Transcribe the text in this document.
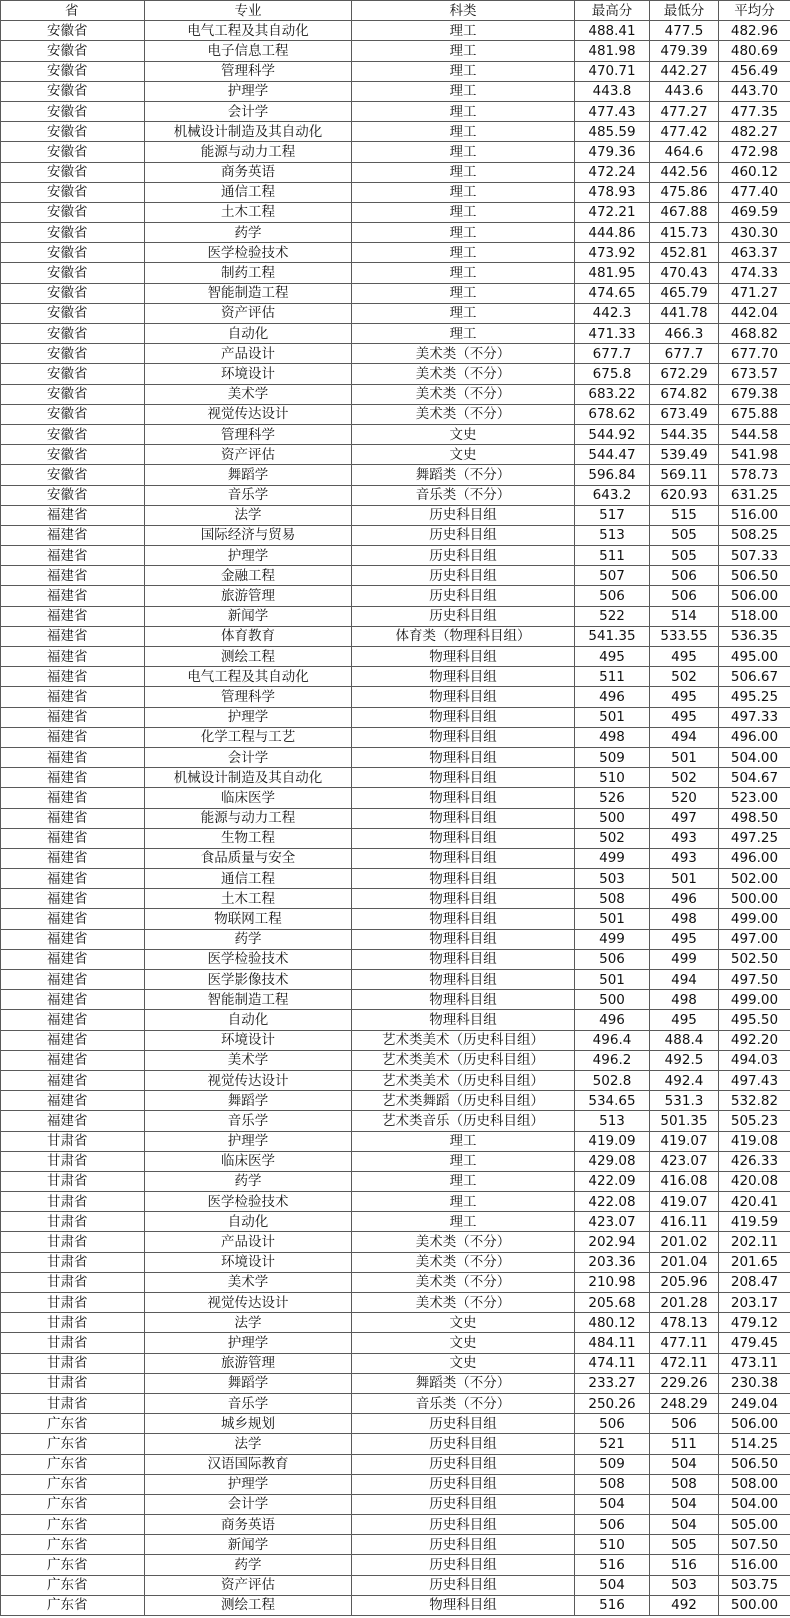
省	专业	科类	最高分	最低分	平均分
安徽省	电气工程及其自动化	理工	488.41	477.5	482.96
安徽省	电子信息工程	理工	481.98	479.39	480.69
安徽省	管理科学	理工	470.71	442.27	456.49
安徽省	护理学	理工	443.8	443.6	443.70
安徽省	会计学	理工	477.43	477.27	477.35
安徽省	机械设计制造及其自动化	理工	485.59	477.42	482.27
安徽省	能源与动力工程	理工	479.36	464.6	472.98
安徽省	商务英语	理工	472.24	442.56	460.12
安徽省	通信工程	理工	478.93	475.86	477.40
安徽省	土木工程	理工	472.21	467.88	469.59
安徽省	药学	理工	444.86	415.73	430.30
安徽省	医学检验技术	理工	473.92	452.81	463.37
安徽省	制药工程	理工	481.95	470.43	474.33
安徽省	智能制造工程	理工	474.65	465.79	471.27
安徽省	资产评估	理工	442.3	441.78	442.04
安徽省	自动化	理工	471.33	466.3	468.82
安徽省	产品设计	美术类（不分）	677.7	677.7	677.70
安徽省	环境设计	美术类（不分）	675.8	672.29	673.57
安徽省	美术学	美术类（不分）	683.22	674.82	679.38
安徽省	视觉传达设计	美术类（不分）	678.62	673.49	675.88
安徽省	管理科学	文史	544.92	544.35	544.58
安徽省	资产评估	文史	544.47	539.49	541.98
安徽省	舞蹈学	舞蹈类（不分）	596.84	569.11	578.73
安徽省	音乐学	音乐类（不分）	643.2	620.93	631.25
福建省	法学	历史科目组	517	515	516.00
福建省	国际经济与贸易	历史科目组	513	505	508.25
福建省	护理学	历史科目组	511	505	507.33
福建省	金融工程	历史科目组	507	506	506.50
福建省	旅游管理	历史科目组	506	506	506.00
福建省	新闻学	历史科目组	522	514	518.00
福建省	体育教育	体育类（物理科目组）	541.35	533.55	536.35
福建省	测绘工程	物理科目组	495	495	495.00
福建省	电气工程及其自动化	物理科目组	511	502	506.67
福建省	管理科学	物理科目组	496	495	495.25
福建省	护理学	物理科目组	501	495	497.33
福建省	化学工程与工艺	物理科目组	498	494	496.00
福建省	会计学	物理科目组	509	501	504.00
福建省	机械设计制造及其自动化	物理科目组	510	502	504.67
福建省	临床医学	物理科目组	526	520	523.00
福建省	能源与动力工程	物理科目组	500	497	498.50
福建省	生物工程	物理科目组	502	493	497.25
福建省	食品质量与安全	物理科目组	499	493	496.00
福建省	通信工程	物理科目组	503	501	502.00
福建省	土木工程	物理科目组	508	496	500.00
福建省	物联网工程	物理科目组	501	498	499.00
福建省	药学	物理科目组	499	495	497.00
福建省	医学检验技术	物理科目组	506	499	502.50
福建省	医学影像技术	物理科目组	501	494	497.50
福建省	智能制造工程	物理科目组	500	498	499.00
福建省	自动化	物理科目组	496	495	495.50
福建省	环境设计	艺术类美术（历史科目组）	496.4	488.4	492.20
福建省	美术学	艺术类美术（历史科目组）	496.2	492.5	494.03
福建省	视觉传达设计	艺术类美术（历史科目组）	502.8	492.4	497.43
福建省	舞蹈学	艺术类舞蹈（历史科目组）	534.65	531.3	532.82
福建省	音乐学	艺术类音乐（历史科目组）	513	501.35	505.23
甘肃省	护理学	理工	419.09	419.07	419.08
甘肃省	临床医学	理工	429.08	423.07	426.33
甘肃省	药学	理工	422.09	416.08	420.08
甘肃省	医学检验技术	理工	422.08	419.07	420.41
甘肃省	自动化	理工	423.07	416.11	419.59
甘肃省	产品设计	美术类（不分）	202.94	201.02	202.11
甘肃省	环境设计	美术类（不分）	203.36	201.04	201.65
甘肃省	美术学	美术类（不分）	210.98	205.96	208.47
甘肃省	视觉传达设计	美术类（不分）	205.68	201.28	203.17
甘肃省	法学	文史	480.12	478.13	479.12
甘肃省	护理学	文史	484.11	477.11	479.45
甘肃省	旅游管理	文史	474.11	472.11	473.11
甘肃省	舞蹈学	舞蹈类（不分）	233.27	229.26	230.38
甘肃省	音乐学	音乐类（不分）	250.26	248.29	249.04
广东省	城乡规划	历史科目组	506	506	506.00
广东省	法学	历史科目组	521	511	514.25
广东省	汉语国际教育	历史科目组	509	504	506.50
广东省	护理学	历史科目组	508	508	508.00
广东省	会计学	历史科目组	504	504	504.00
广东省	商务英语	历史科目组	506	504	505.00
广东省	新闻学	历史科目组	510	505	507.50
广东省	药学	历史科目组	516	516	516.00
广东省	资产评估	历史科目组	504	503	503.75
广东省	测绘工程	物理科目组	516	492	500.00
